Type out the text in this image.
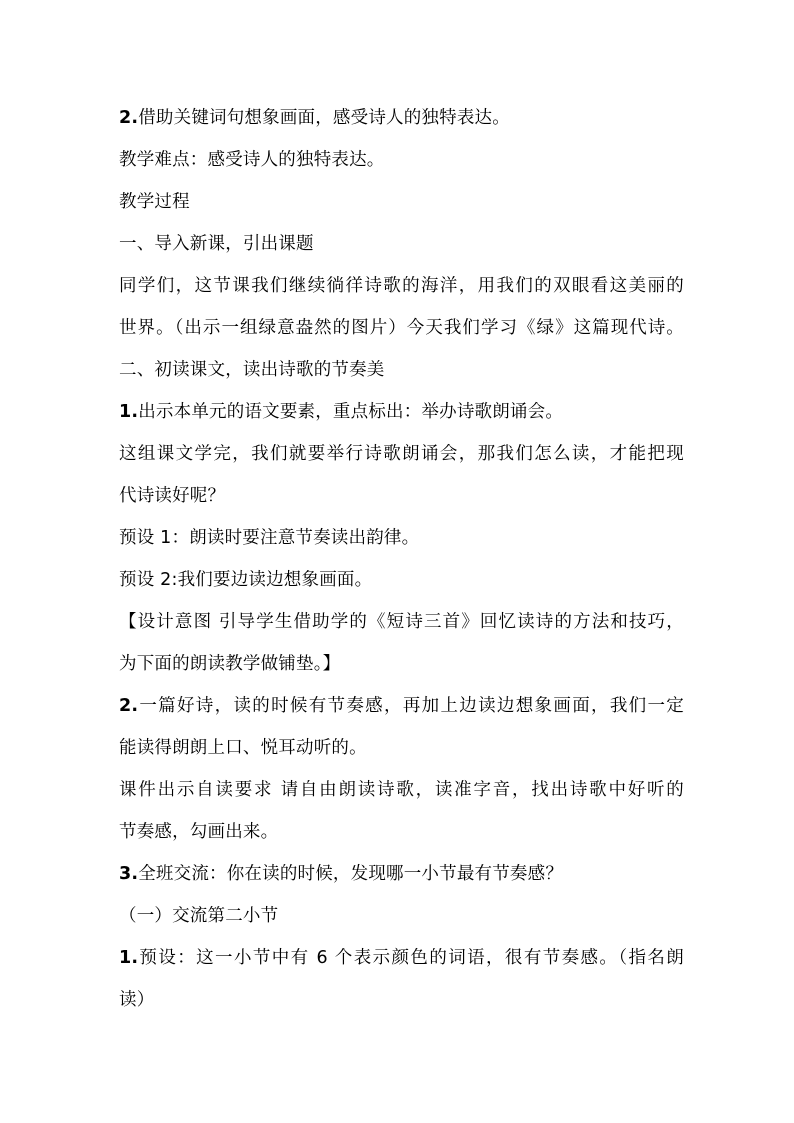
2.借助关键词句想象画面，感受诗人的独特表达。
教学难点：感受诗人的独特表达。
教学过程
一、导入新课，引出课题
同学们，这节课我们继续徜徉诗歌的海洋，用我们的双眼看这美丽的
世界。（出示一组绿意盎然的图片）今天我们学习《绿》这篇现代诗。
二、初读课文，读出诗歌的节奏美
1.出示本单元的语文要素，重点标出：举办诗歌朗诵会。
这组课文学完，我们就要举行诗歌朗诵会，那我们怎么读，才能把现
代诗读好呢？
预设 1：朗读时要注意节奏读出韵律。
预设 2:我们要边读边想象画面。
【设计意图 引导学生借助学的《短诗三首》回忆读诗的方法和技巧，
为下面的朗读教学做铺垫。】
2.一篇好诗，读的时候有节奏感，再加上边读边想象画面，我们一定
能读得朗朗上口、悦耳动听的。
课件出示自读要求 请自由朗读诗歌，读准字音，找出诗歌中好听的
节奏感，勾画出来。
3.全班交流：你在读的时候，发现哪一小节最有节奏感？
（一）交流第二小节
1.预设：这一小节中有 6 个表示颜色的词语，很有节奏感。（指名朗
读）
